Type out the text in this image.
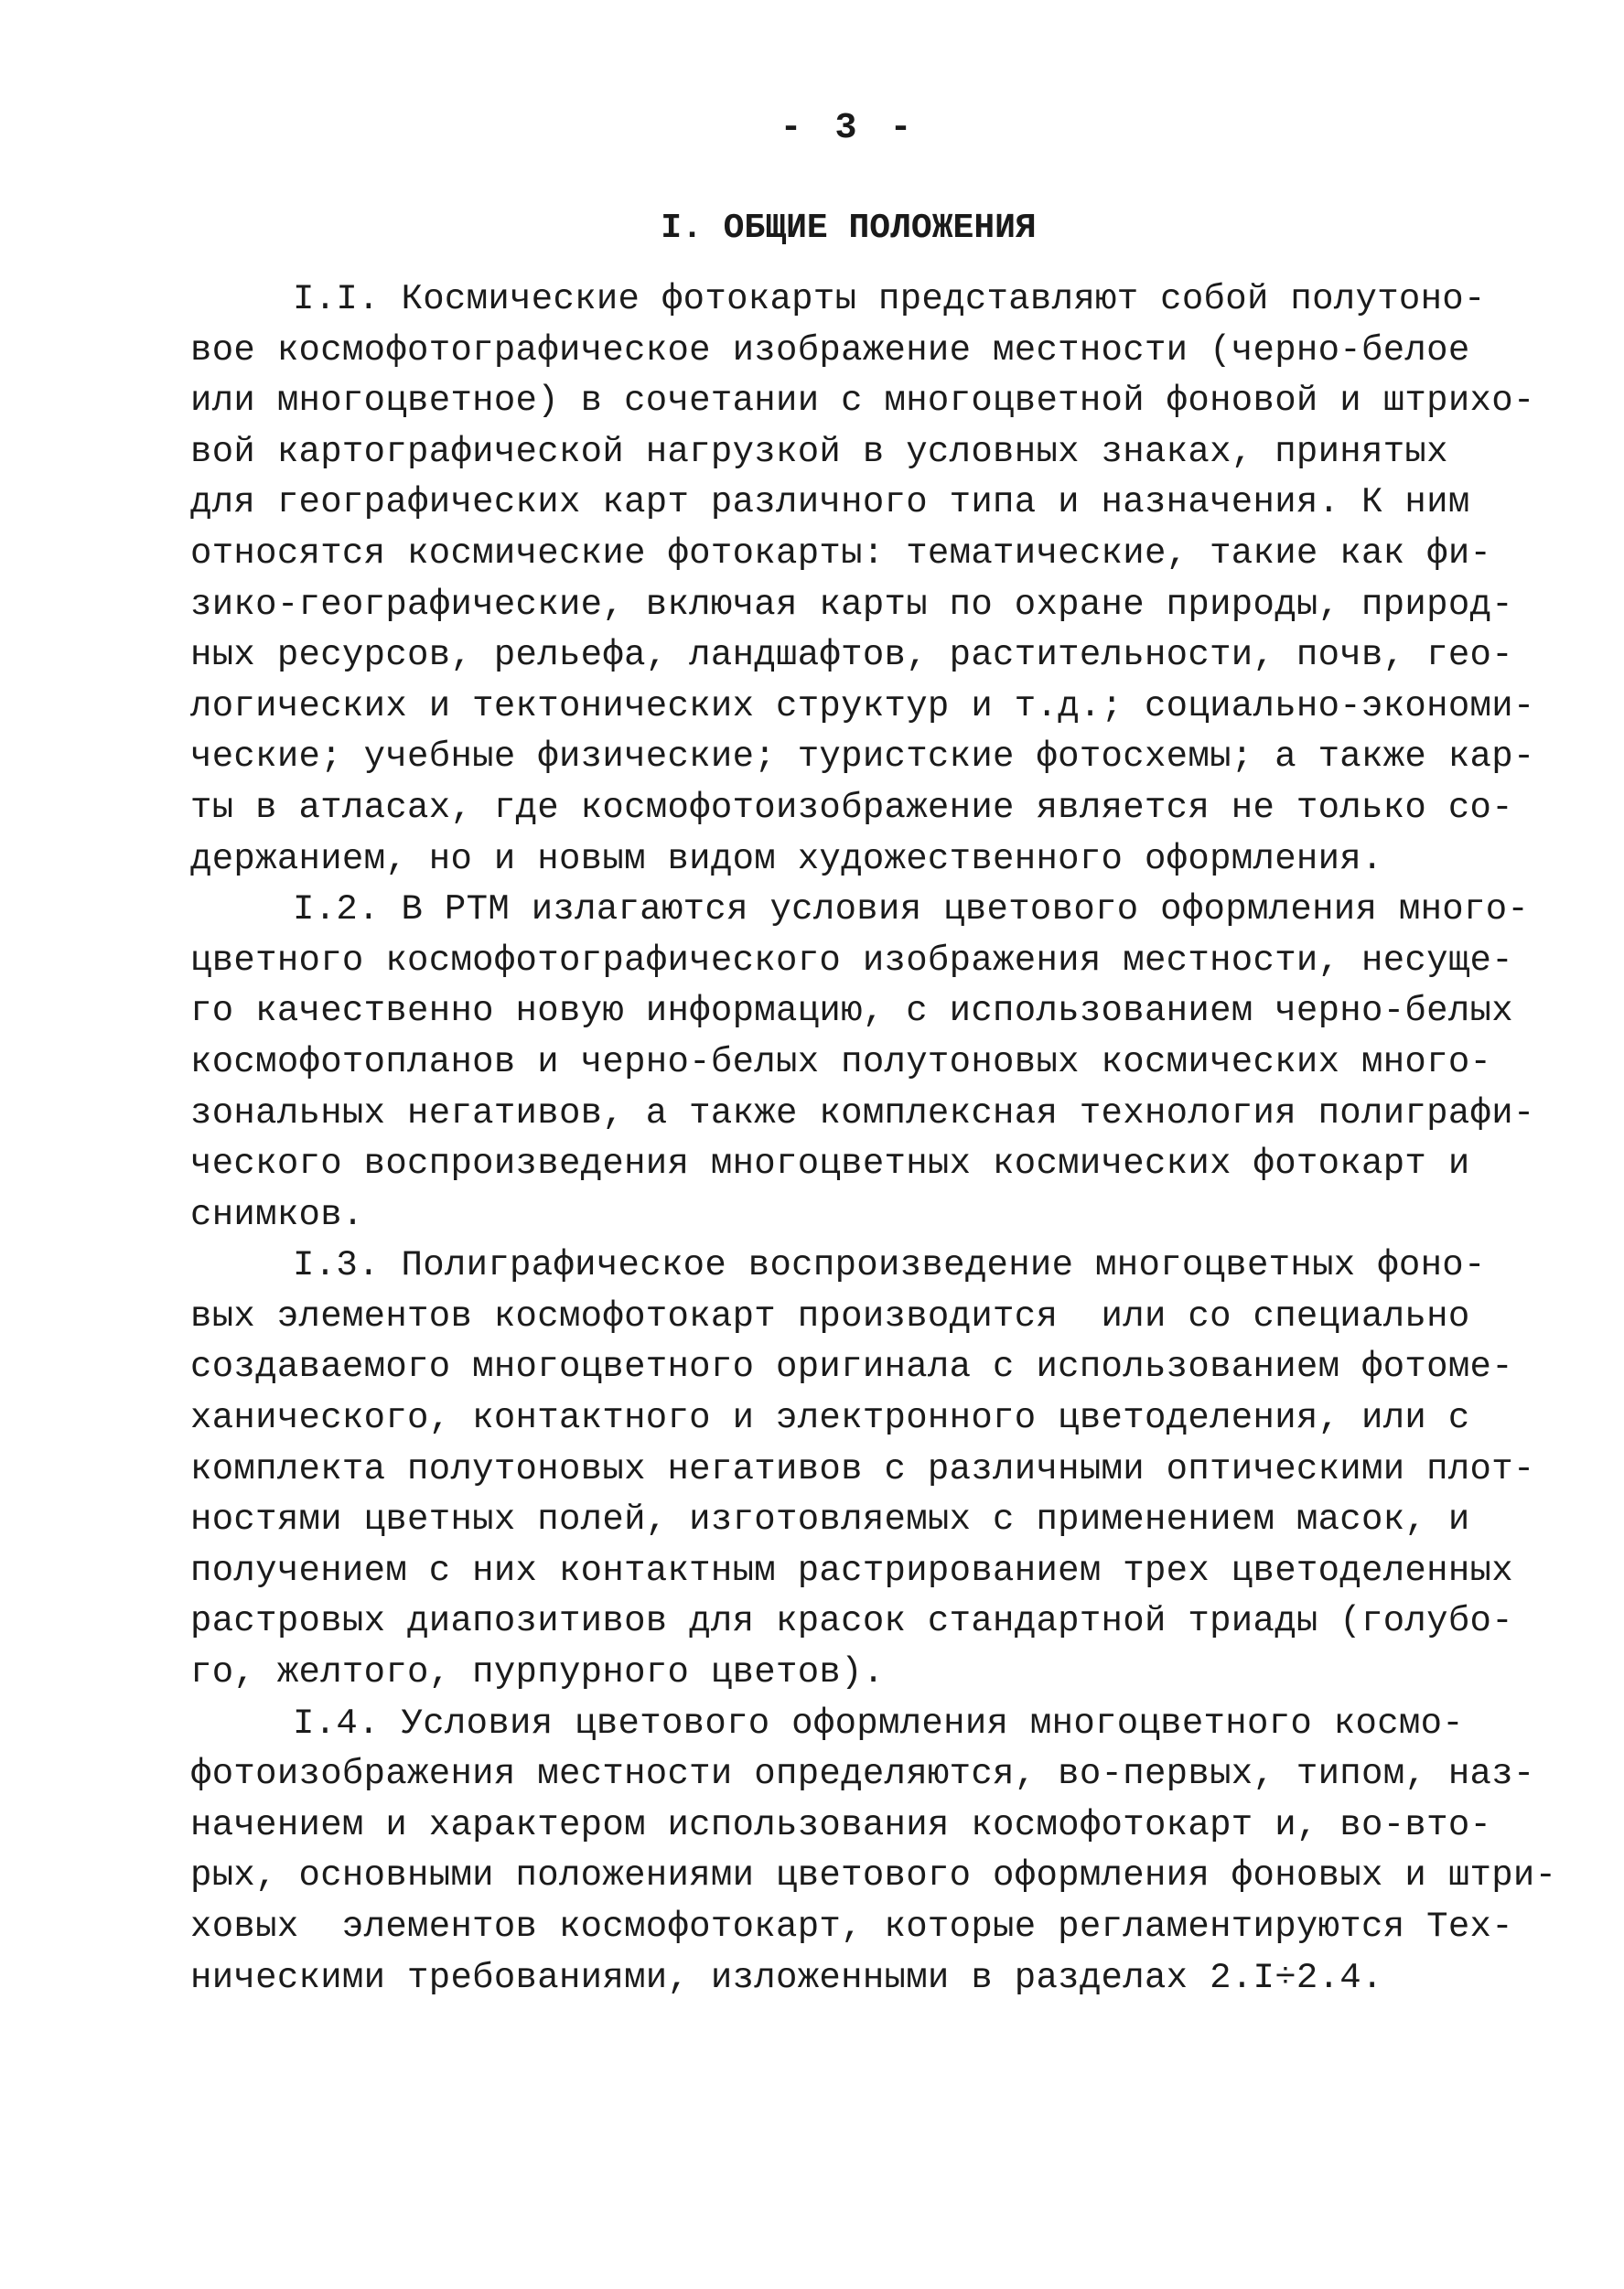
- 3 -
I. ОБЩИЕ ПОЛОЖЕНИЯ
I.I. Космические фотокарты представляют собой полутоно-
вое космофотографическое изображение местности (черно-белое
или многоцветное) в сочетании с многоцветной фоновой и штрихо-
вой картографической нагрузкой в условных знаках, принятых
для географических карт различного типа и назначения. К ним
относятся космические фотокарты: тематические, такие как фи-
зико-географические, включая карты по охране природы, природ-
ных ресурсов, рельефа, ландшафтов, растительности, почв, гео-
логических и тектонических структур и т.д.; социально-экономи-
ческие; учебные физические; туристские фотосхемы; а также кар-
ты в атласах, где космофотоизображение является не только со-
держанием, но и новым видом художественного оформления.
I.2. В РТМ излагаются условия цветового оформления много-
цветного космофотографического изображения местности, несуще-
го качественно новую информацию, с использованием черно-белых
космофотопланов и черно-белых полутоновых космических много-
зональных негативов, а также комплексная технология полиграфи-
ческого воспроизведения многоцветных космических фотокарт и
снимков.
I.3. Полиграфическое воспроизведение многоцветных фоно-
вых элементов космофотокарт производится  или со специально
создаваемого многоцветного оригинала с использованием фотоме-
ханического, контактного и электронного цветоделения, или с
комплекта полутоновых негативов с различными оптическими плот-
ностями цветных полей, изготовляемых с применением масок, и
получением с них контактным растрированием трех цветоделенных
растровых диапозитивов для красок стандартной триады (голубо-
го, желтого, пурпурного цветов).
I.4. Условия цветового оформления многоцветного космо-
фотоизображения местности определяются, во-первых, типом, наз-
начением и характером использования космофотокарт и, во-вто-
рых, основными положениями цветового оформления фоновых и штри-
ховых  элементов космофотокарт, которые регламентируются Тех-
ническими требованиями, изложенными в разделах 2.I÷2.4.
